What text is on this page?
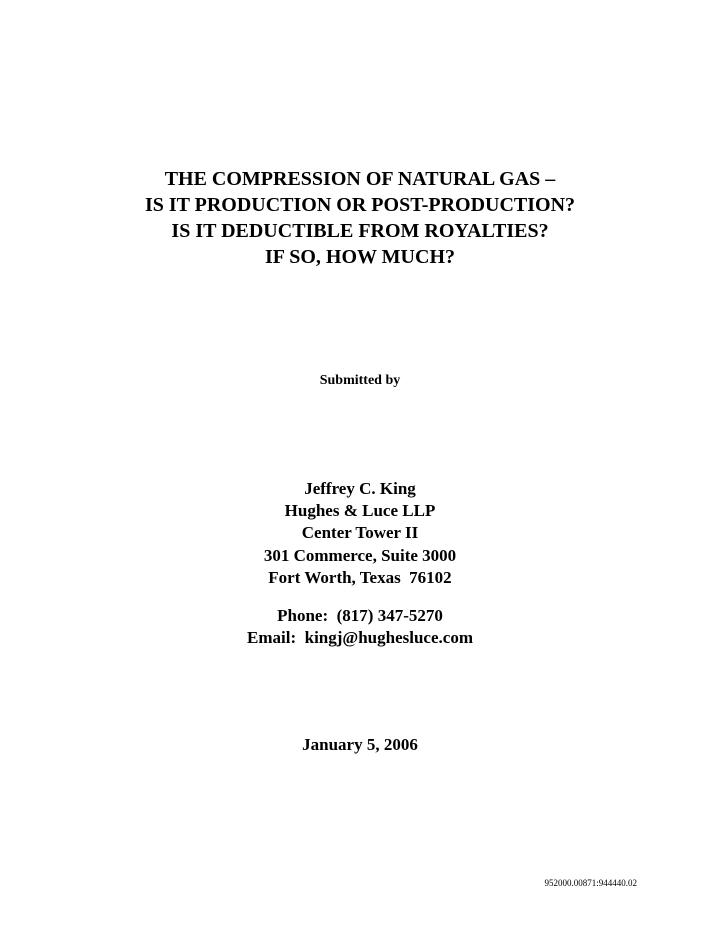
THE COMPRESSION OF NATURAL GAS –
IS IT PRODUCTION OR POST-PRODUCTION?
IS IT DEDUCTIBLE FROM ROYALTIES?
IF SO, HOW MUCH?
Submitted by
Jeffrey C. King
Hughes & Luce LLP
Center Tower II
301 Commerce, Suite 3000
Fort Worth, Texas  76102
Phone:  (817) 347-5270
Email:  kingj@hughesluce.com
January 5, 2006
952000.00871:944440.02
